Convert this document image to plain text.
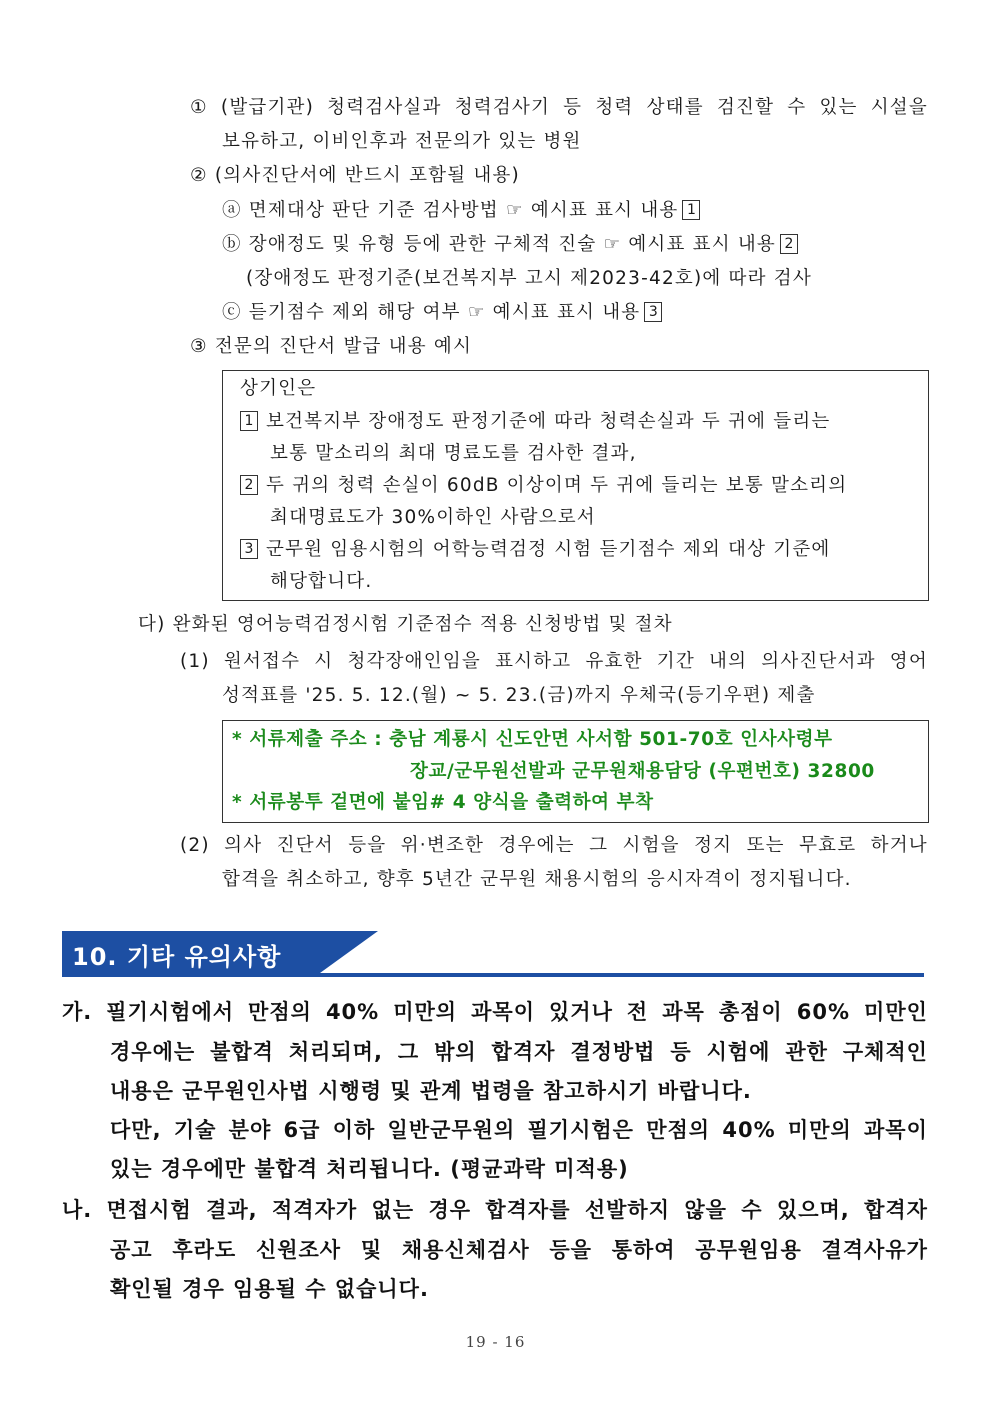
① (발급기관) 청력검사실과 청력검사기 등 청력 상태를 검진할 수 있는 시설을
보유하고, 이비인후과 전문의가 있는 병원
② (의사진단서에 반드시 포함될 내용)
ⓐ 면제대상 판단 기준 검사방법 ☞ 예시표 표시 내용 1
ⓑ 장애정도 및 유형 등에 관한 구체적 진술 ☞ 예시표 표시 내용 2
(장애정도 판정기준(보건복지부 고시 제2023-42호)에 따라 검사
ⓒ 듣기점수 제외 해당 여부 ☞ 예시표 표시 내용 3
③ 전문의 진단서 발급 내용 예시
상기인은
1 보건복지부 장애정도 판정기준에 따라 청력손실과 두 귀에 들리는
보통 말소리의 최대 명료도를 검사한 결과,
2 두 귀의 청력 손실이 60dB 이상이며 두 귀에 들리는 보통 말소리의
최대명료도가 30%이하인 사람으로서
3 군무원 임용시험의 어학능력검정 시험 듣기점수 제외 대상 기준에
해당합니다.
다) 완화된 영어능력검정시험 기준점수 적용 신청방법 및 절차
(1) 원서접수 시 청각장애인임을 표시하고 유효한 기간 내의 의사진단서과 영어
성적표를 '25. 5. 12.(월) ~ 5. 23.(금)까지 우체국(등기우편) 제출
* 서류제출 주소 : 충남 계룡시 신도안면 사서함 501-70호 인사사령부
장교/군무원선발과 군무원채용담당 (우편번호) 32800
* 서류봉투 겉면에 붙임# 4 양식을 출력하여 부착
(2) 의사 진단서 등을 위‧변조한 경우에는 그 시험을 정지 또는 무효로 하거나
합격을 취소하고, 향후 5년간 군무원 채용시험의 응시자격이 정지됩니다.
10. 기타 유의사항
가. 필기시험에서 만점의 40% 미만의 과목이 있거나 전 과목 총점이 60% 미만인
경우에는 불합격 처리되며, 그 밖의 합격자 결정방법 등 시험에 관한 구체적인
내용은 군무원인사법 시행령 및 관계 법령을 참고하시기 바랍니다.
다만, 기술 분야 6급 이하 일반군무원의 필기시험은 만점의 40% 미만의 과목이
있는 경우에만 불합격 처리됩니다. (평균과락 미적용)
나. 면접시험 결과, 적격자가 없는 경우 합격자를 선발하지 않을 수 있으며, 합격자
공고 후라도 신원조사 및 채용신체검사 등을 통하여 공무원임용 결격사유가
확인될 경우 임용될 수 없습니다.
19 - 16
